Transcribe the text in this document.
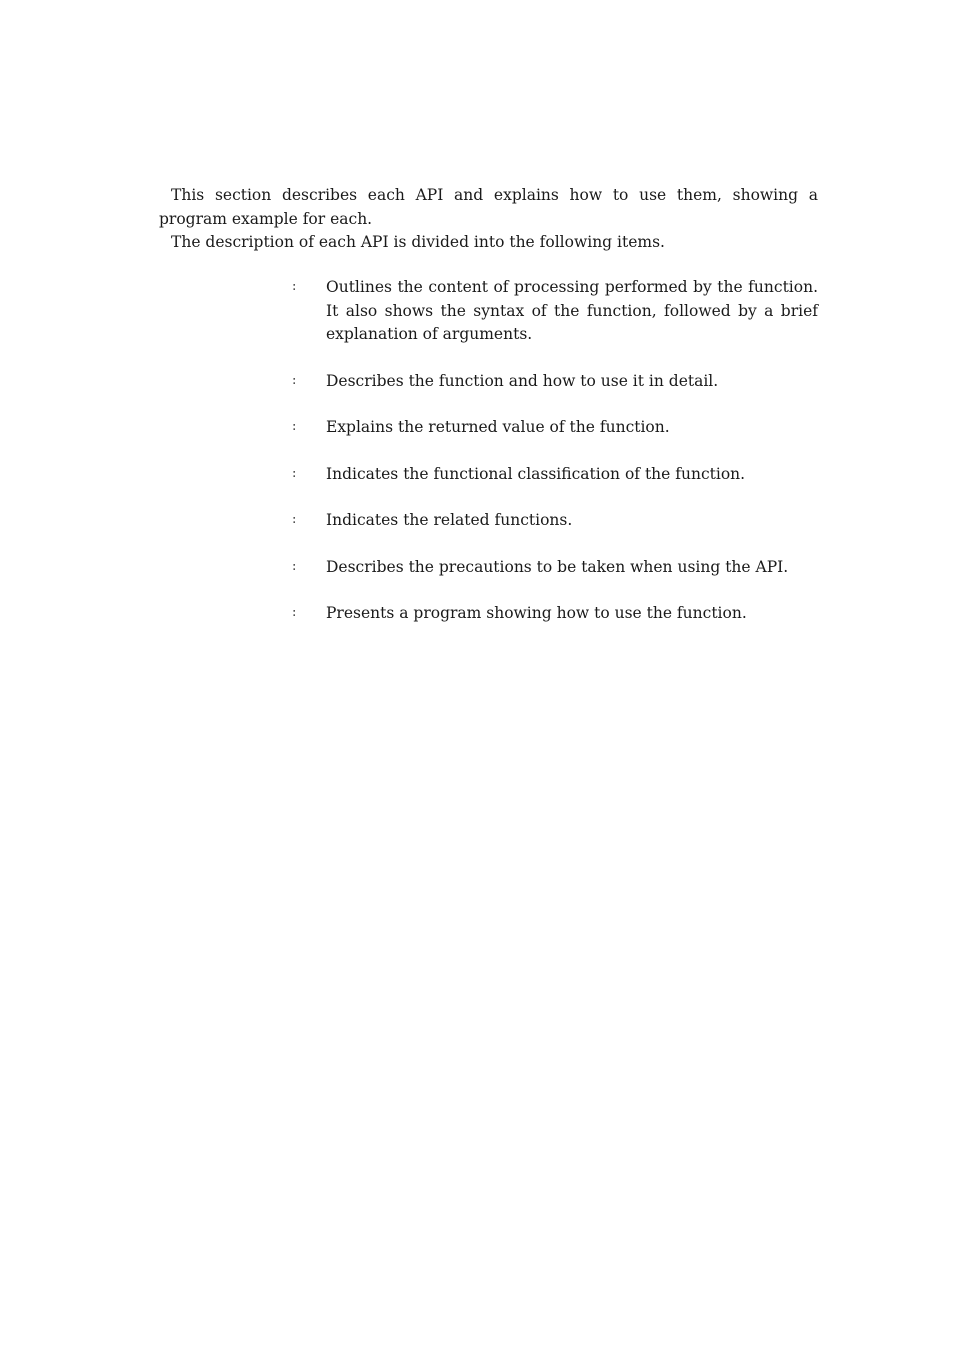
This section describes each API and explains how to use them, showing a program example for each.

The description of each API is divided into the following items.

:	Outlines the content of processing performed by the function. It also shows the syntax of the function, followed by a brief explanation of arguments.
:	Describes the function and how to use it in detail.
:	Explains the returned value of the function.
:	Indicates the functional classification of the function.
:	Indicates the related functions.
:	Describes the precautions to be taken when using the API.
:	Presents a program showing how to use the function.
